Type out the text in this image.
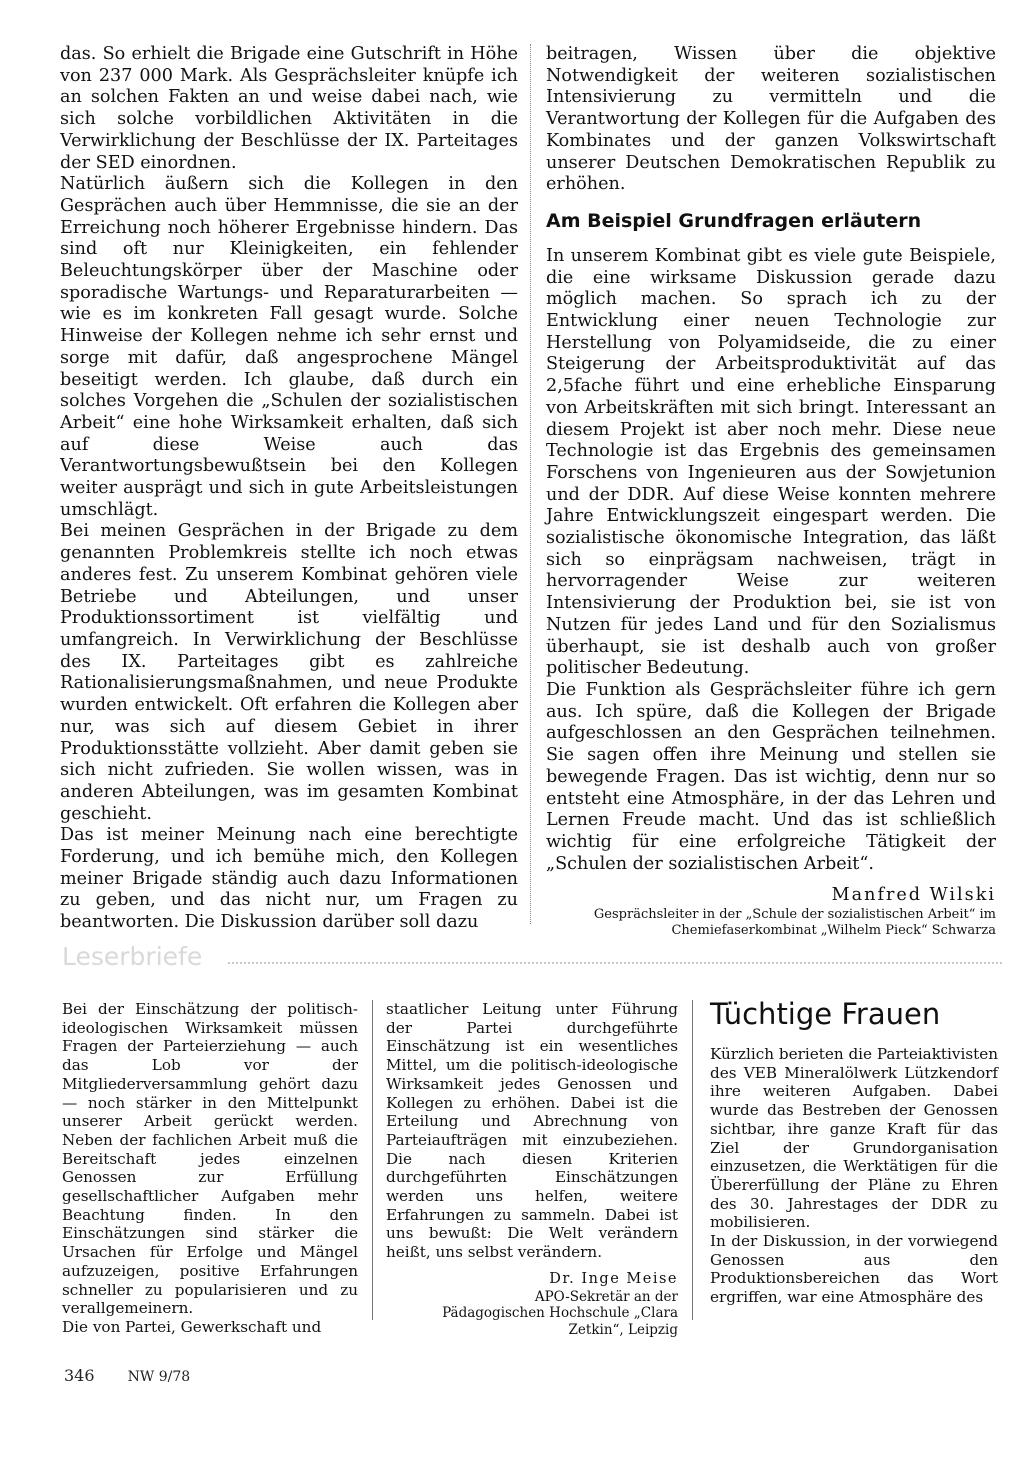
das. So erhielt die Brigade eine Gutschrift in Höhe von 237 000 Mark. Als Gesprächsleiter knüpfe ich an solchen Fakten an und weise dabei nach, wie sich solche vorbildlichen Aktivitäten in die Verwirklichung der Beschlüsse der IX. Parteitages der SED einordnen.

Natürlich äußern sich die Kollegen in den Gesprächen auch über Hemmnisse, die sie an der Erreichung noch höherer Ergebnisse hindern. Das sind oft nur Kleinigkeiten, ein fehlender Beleuchtungskörper über der Maschine oder sporadische Wartungs- und Reparaturarbeiten — wie es im konkreten Fall gesagt wurde. Solche Hinweise der Kollegen nehme ich sehr ernst und sorge mit dafür, daß angesprochene Mängel beseitigt werden. Ich glaube, daß durch ein solches Vorgehen die „Schulen der sozialistischen Arbeit“ eine hohe Wirksamkeit erhalten, daß sich auf diese Weise auch das Verantwortungsbewußtsein bei den Kollegen weiter ausprägt und sich in gute Arbeitsleistungen umschlägt.

Bei meinen Gesprächen in der Brigade zu dem genannten Problemkreis stellte ich noch etwas anderes fest. Zu unserem Kombinat gehören viele Betriebe und Abteilungen, und unser Produktionssortiment ist vielfältig und umfangreich. In Verwirklichung der Beschlüsse des IX. Parteitages gibt es zahlreiche Rationalisierungsmaßnahmen, und neue Produkte wurden entwickelt. Oft erfahren die Kollegen aber nur, was sich auf diesem Gebiet in ihrer Produktionsstätte vollzieht. Aber damit geben sie sich nicht zufrieden. Sie wollen wissen, was in anderen Abteilungen, was im gesamten Kombinat geschieht.

Das ist meiner Meinung nach eine berechtigte Forderung, und ich bemühe mich, den Kollegen meiner Brigade ständig auch dazu Informationen zu geben, und das nicht nur, um Fragen zu beantworten. Die Diskussion darüber soll dazu

beitragen, Wissen über die objektive Notwendigkeit der weiteren sozialistischen Intensivierung zu vermitteln und die Verantwortung der Kollegen für die Aufgaben des Kombinates und der ganzen Volkswirtschaft unserer Deutschen Demokratischen Republik zu erhöhen.

Am Beispiel Grundfragen erläutern

In unserem Kombinat gibt es viele gute Beispiele, die eine wirksame Diskussion gerade dazu möglich machen. So sprach ich zu der Entwicklung einer neuen Technologie zur Herstellung von Polyamidseide, die zu einer Steigerung der Arbeitsproduktivität auf das 2,5fache führt und eine erhebliche Einsparung von Arbeitskräften mit sich bringt. Interessant an diesem Projekt ist aber noch mehr. Diese neue Technologie ist das Ergebnis des gemeinsamen Forschens von Ingenieuren aus der Sowjetunion und der DDR. Auf diese Weise konnten mehrere Jahre Entwicklungszeit eingespart werden. Die sozialistische ökonomische Integration, das läßt sich so einprägsam nachweisen, trägt in hervorragender Weise zur weiteren Intensivierung der Produktion bei, sie ist von Nutzen für jedes Land und für den Sozialismus überhaupt, sie ist deshalb auch von großer politischer Bedeutung.

Die Funktion als Gesprächsleiter führe ich gern aus. Ich spüre, daß die Kollegen der Brigade aufgeschlossen an den Gesprächen teilnehmen. Sie sagen offen ihre Meinung und stellen sie bewegende Fragen. Das ist wichtig, denn nur so entsteht eine Atmosphäre, in der das Lehren und Lernen Freude macht. Und das ist schließlich wichtig für eine erfolgreiche Tätigkeit der „Schulen der sozialistischen Arbeit“.

Manfred Wilski

Gesprächsleiter in der „Schule der sozialistischen Arbeit“ im

Chemiefaserkombinat „Wilhelm Pieck“ Schwarza

Leserbriefe

Bei der Einschätzung der politisch-ideologischen Wirksamkeit müssen Fragen der Parteierziehung — auch das Lob vor der Mitgliederversammlung gehört dazu — noch stärker in den Mittelpunkt unserer Arbeit gerückt werden. Neben der fachlichen Arbeit muß die Bereitschaft jedes einzelnen Genossen zur Erfüllung gesellschaftlicher Aufgaben mehr Beachtung finden. In den Einschätzungen sind stärker die Ursachen für Erfolge und Mängel aufzuzeigen, positive Erfahrungen schneller zu popularisieren und zu verallgemeinern.

Die von Partei, Gewerkschaft und

staatlicher Leitung unter Führung der Partei durchgeführte Einschätzung ist ein wesentliches Mittel, um die politisch-ideologische Wirksamkeit jedes Genossen und Kollegen zu erhöhen. Dabei ist die Erteilung und Abrechnung von Parteiaufträgen mit einzubeziehen. Die nach diesen Kriterien durchgeführten Einschätzungen werden uns helfen, weitere Erfahrungen zu sammeln. Dabei ist uns bewußt: Die Welt verändern heißt, uns selbst verändern.

Dr. Inge Meise

APO-Sekretär an der

Pädagogischen Hochschule „Clara

Zetkin“, Leipzig

Tüchtige Frauen

Kürzlich berieten die Parteiaktivisten des VEB Mineralölwerk Lützkendorf ihre weiteren Aufgaben. Dabei wurde das Bestreben der Genossen sichtbar, ihre ganze Kraft für das Ziel der Grundorganisation einzusetzen, die Werktätigen für die Übererfüllung der Pläne zu Ehren des 30. Jahrestages der DDR zu mobilisieren.

In der Diskussion, in der vorwiegend Genossen aus den Produktionsbereichen das Wort ergriffen, war eine Atmosphäre des

346 NW 9/78
